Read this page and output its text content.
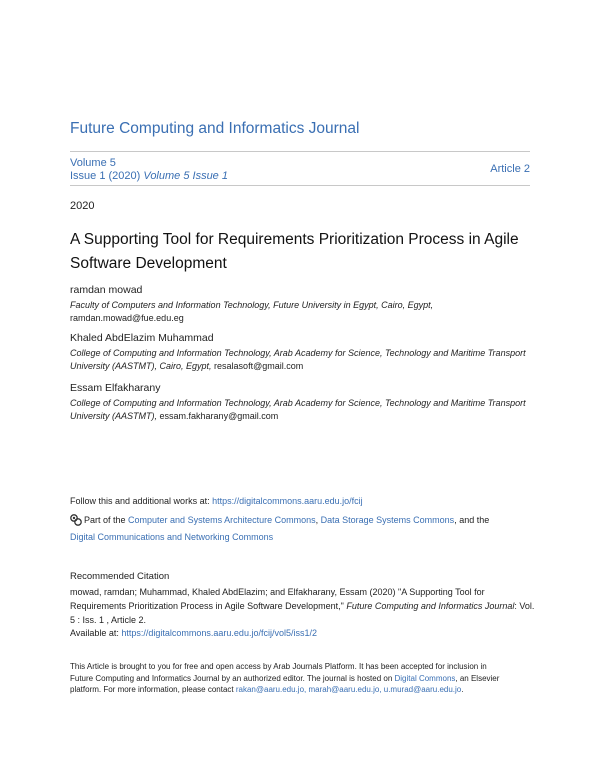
Future Computing and Informatics Journal
Volume 5
Issue 1 (2020) Volume 5 Issue 1
Article 2
2020
A Supporting Tool for Requirements Prioritization Process in Agile Software Development
ramdan mowad
Faculty of Computers and Information Technology, Future University in Egypt, Cairo, Egypt,
ramdan.mowad@fue.edu.eg
Khaled AbdElazim Muhammad
College of Computing and Information Technology, Arab Academy for Science, Technology and Maritime Transport University (AASTMT), Cairo, Egypt, resalasoft@gmail.com
Essam Elfakharany
College of Computing and Information Technology, Arab Academy for Science, Technology and Maritime Transport University (AASTMT), essam.fakharany@gmail.com
Follow this and additional works at: https://digitalcommons.aaru.edu.jo/fcij
Part of the Computer and Systems Architecture Commons, Data Storage Systems Commons, and the
Digital Communications and Networking Commons
Recommended Citation
mowad, ramdan; Muhammad, Khaled AbdElazim; and Elfakharany, Essam (2020) "A Supporting Tool for Requirements Prioritization Process in Agile Software Development," Future Computing and Informatics Journal: Vol. 5 : Iss. 1 , Article 2.
Available at: https://digitalcommons.aaru.edu.jo/fcij/vol5/iss1/2
This Article is brought to you for free and open access by Arab Journals Platform. It has been accepted for inclusion in Future Computing and Informatics Journal by an authorized editor. The journal is hosted on Digital Commons, an Elsevier platform. For more information, please contact rakan@aaru.edu.jo, marah@aaru.edu.jo, u.murad@aaru.edu.jo.
